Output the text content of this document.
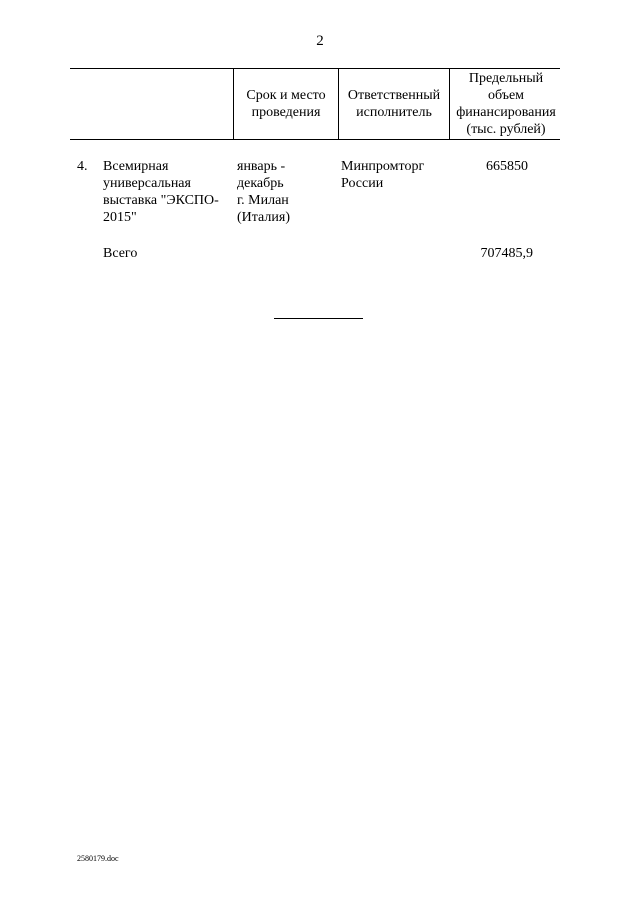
2
Срок и место проведения
Ответственный исполнитель
Предельный объем финансирования (тыс. рублей)
4. Всемирная
универсальная
выставка "ЭКСПО-
2015"
январь -
декабрь
г. Милан
(Италия)
Минпромторг
России
665850
Всего	707485,9
2580179.doc
